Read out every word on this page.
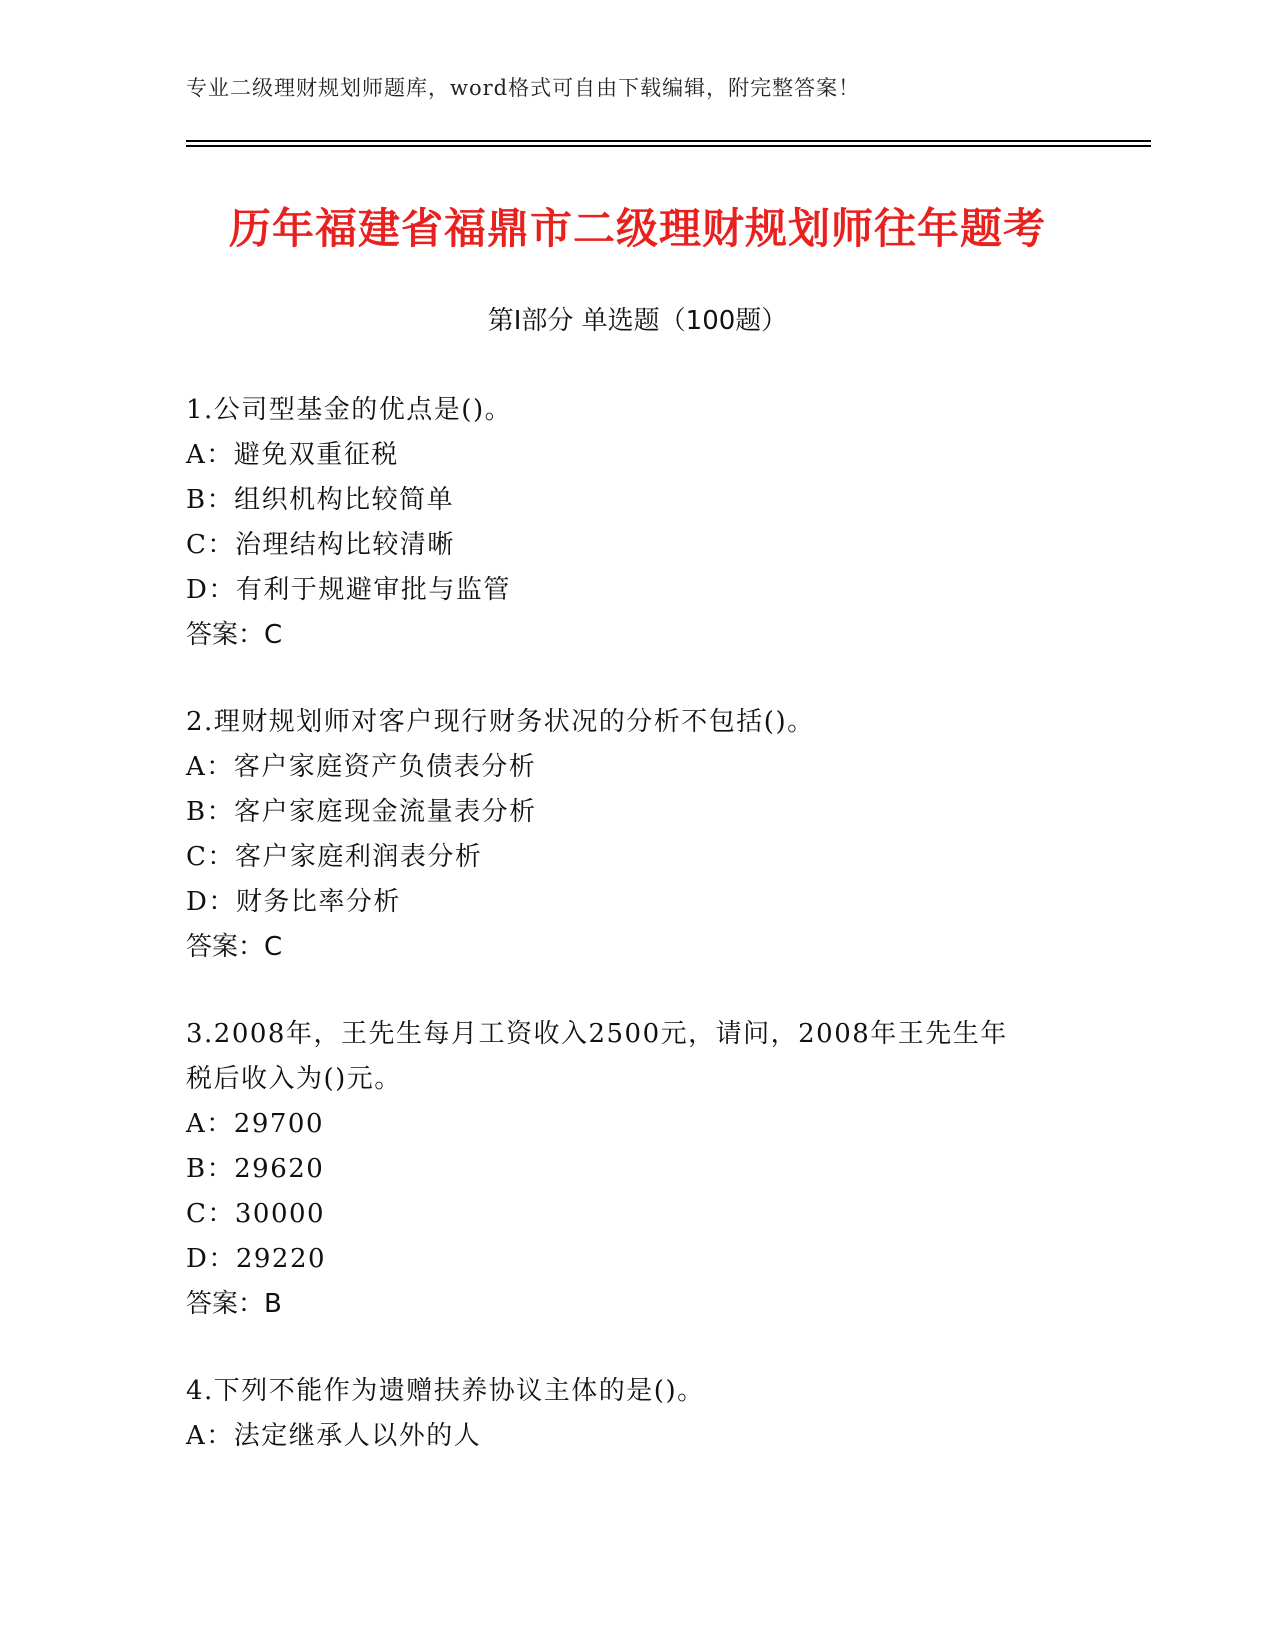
专业二级理财规划师题库，word格式可自由下载编辑，附完整答案！
历年福建省福鼎市二级理财规划师往年题考
第I部分 单选题（100题）
1.公司型基金的优点是()。
A：避免双重征税
B：组织机构比较简单
C：治理结构比较清晰
D：有利于规避审批与监管
答案：C
2.理财规划师对客户现行财务状况的分析不包括()。
A：客户家庭资产负债表分析
B：客户家庭现金流量表分析
C：客户家庭利润表分析
D：财务比率分析
答案：C
3.2008年，王先生每月工资收入2500元，请问，2008年王先生年税后收入为()元。
A：29700
B：29620
C：30000
D：29220
答案：B
4.下列不能作为遗赠扶养协议主体的是()。
A：法定继承人以外的人
